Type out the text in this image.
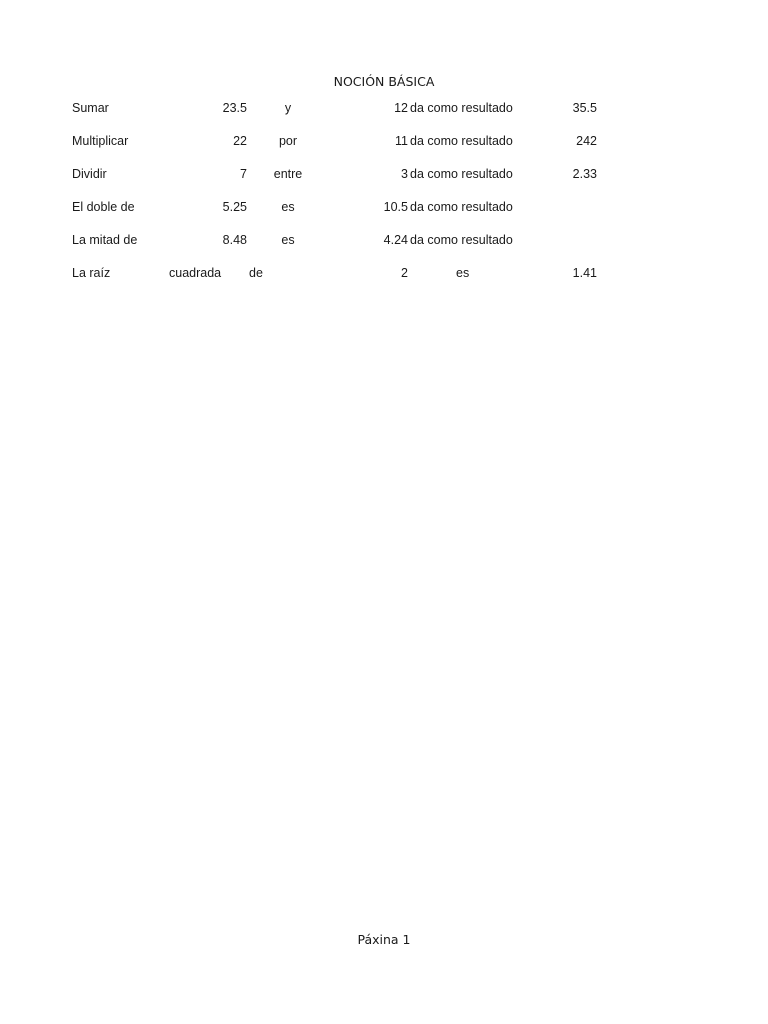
NOCIÓN BÁSICA
Sumar	23.5	y	12 da como resultado	35.5
Multiplicar	22	por	11 da como resultado	242
Dividir	7	entre	3 da como resultado	2.33
El doble de	5.25	es	10.5 da como resultado
La mitad de	8.48	es	4.24 da como resultado
La raíz	cuadrada de	2	es	1.41
Páxina 1
